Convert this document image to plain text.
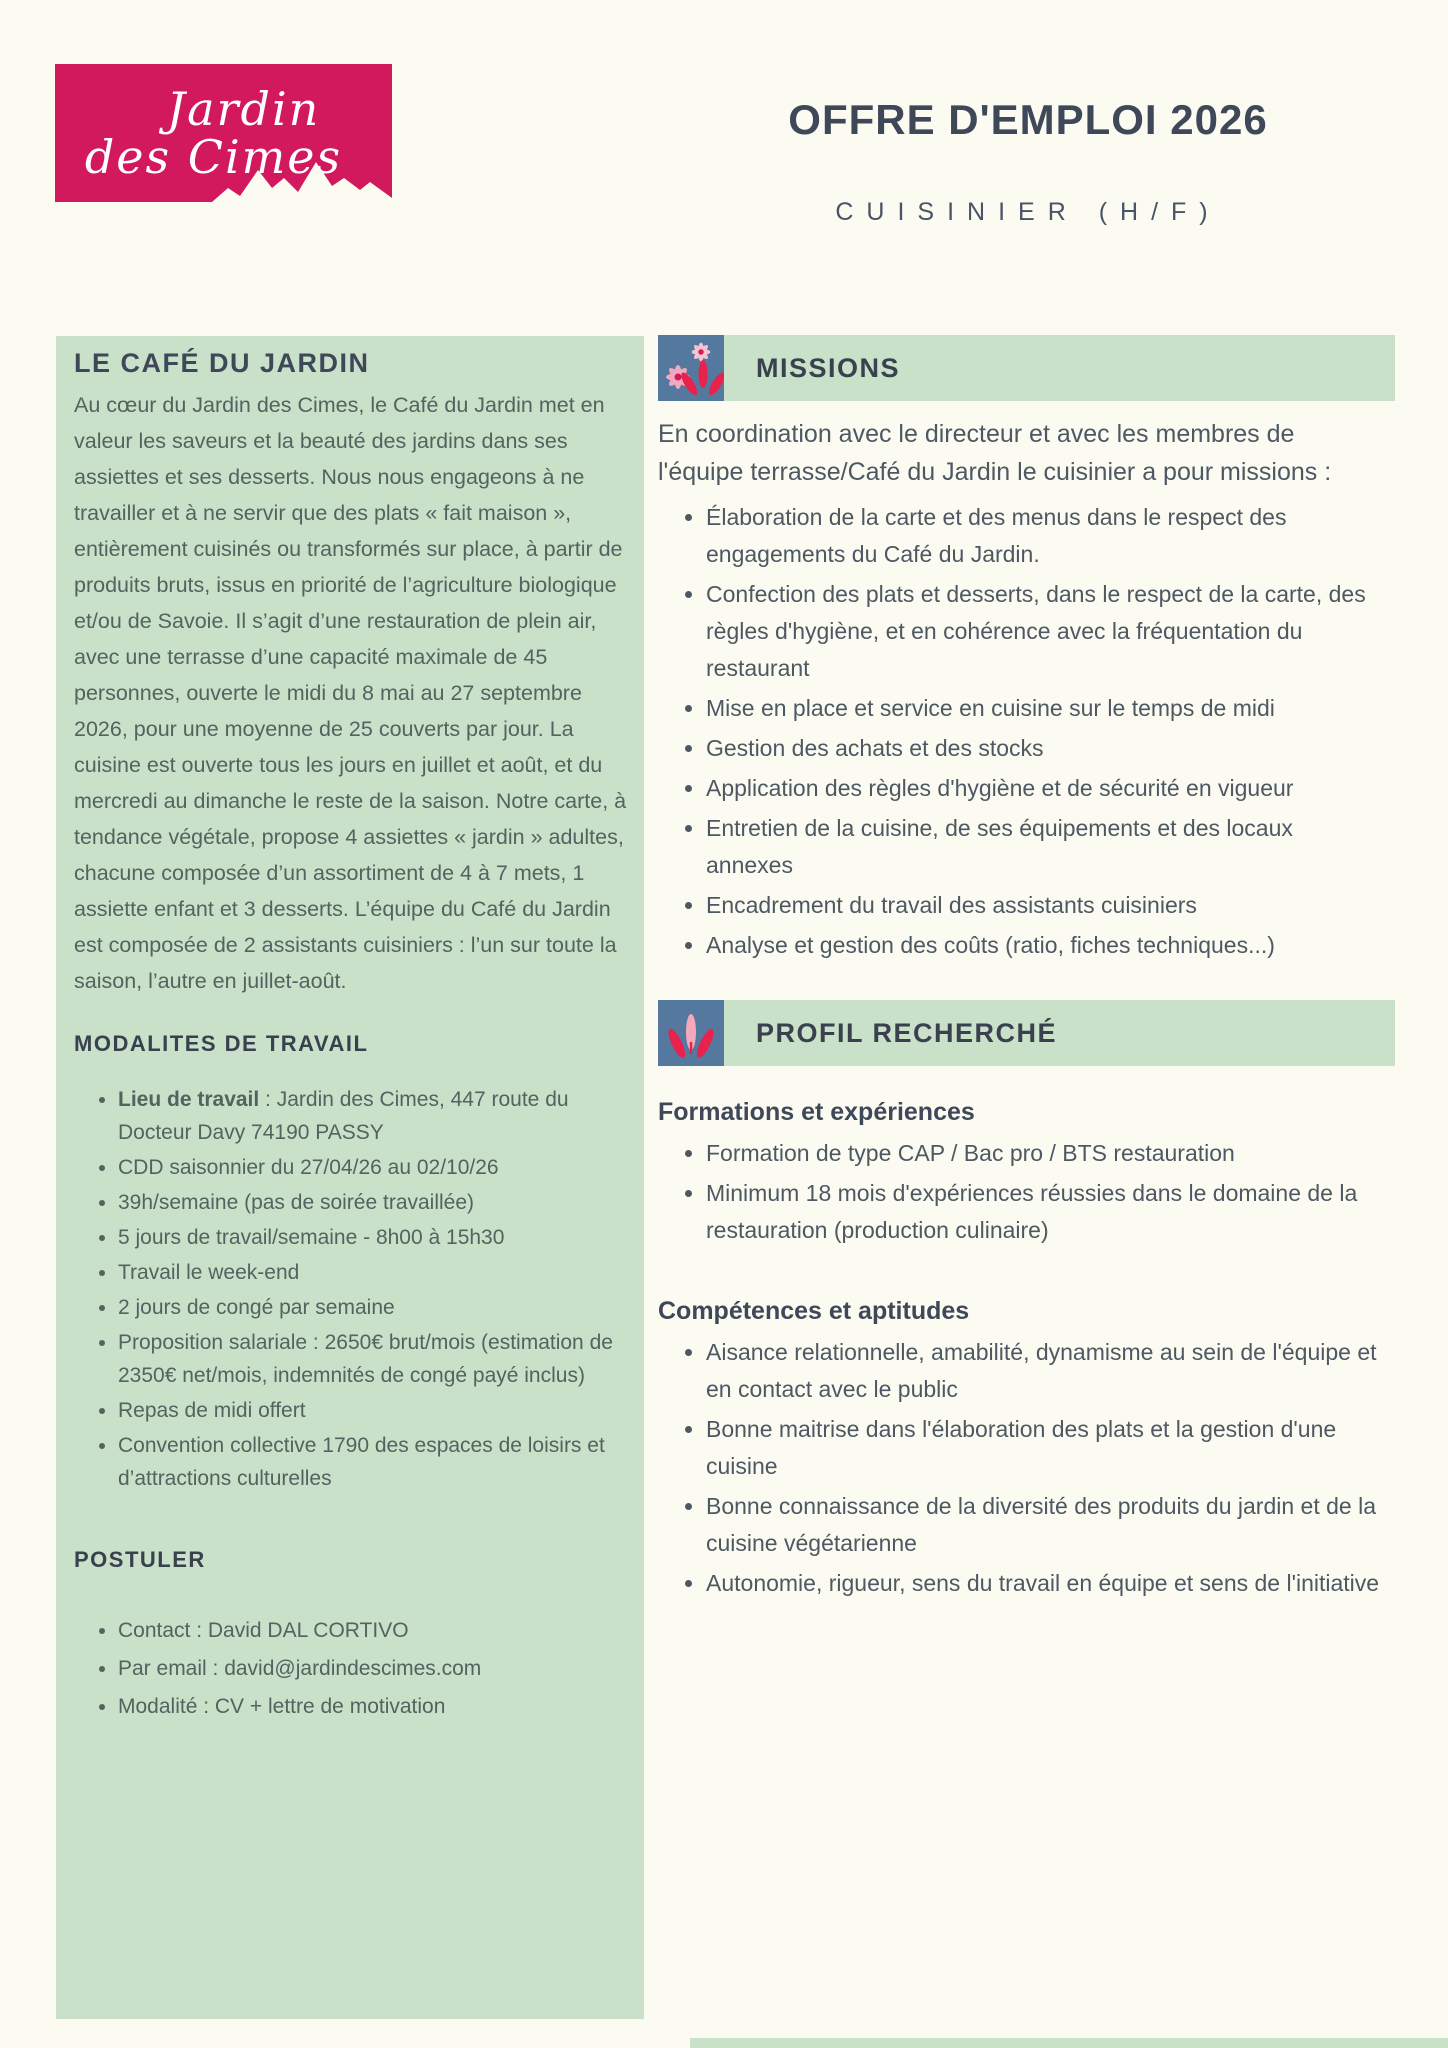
Jardin
des Cimes
OFFRE D'EMPLOI 2026
CUISINIER (H/F)
LE CAFÉ DU JARDIN

Au cœur du Jardin des Cimes, le Café du Jardin met en valeur les saveurs et la beauté des jardins dans ses assiettes et ses desserts. Nous nous engageons à ne travailler et à ne servir que des plats « fait maison », entièrement cuisinés ou transformés sur place, à partir de produits bruts, issus en priorité de l’agriculture biologique et/ou de Savoie. Il s’agit d’une restauration de plein air, avec une terrasse d’une capacité maximale de 45 personnes, ouverte le midi du 8 mai au 27 septembre 2026, pour une moyenne de 25 couverts par jour. La cuisine est ouverte tous les jours en juillet et août, et du mercredi au dimanche le reste de la saison. Notre carte, à tendance végétale, propose 4 assiettes « jardin » adultes, chacune composée d’un assortiment de 4 à 7 mets, 1 assiette enfant et 3 desserts. L’équipe du Café du Jardin est composée de 2 assistants cuisiniers : l’un sur toute la saison, l’autre en juillet-août.

MODALITES DE TRAVAIL
• Lieu de travail : Jardin des Cimes, 447 route du Docteur Davy 74190 PASSY
• CDD saisonnier du 27/04/26 au 02/10/26
• 39h/semaine (pas de soirée travaillée)
• 5 jours de travail/semaine - 8h00 à 15h30
• Travail le week-end
• 2 jours de congé par semaine
• Proposition salariale : 2650€ brut/mois (estimation de 2350€ net/mois, indemnités de congé payé inclus)
• Repas de midi offert
• Convention collective 1790 des espaces de loisirs et d’attractions culturelles
POSTULER
• Contact : David DAL CORTIVO
• Par email : david@jardindescimes.com
• Modalité : CV + lettre de motivation
MISSIONS

En coordination avec le directeur et avec les membres de l'équipe terrasse/Café du Jardin le cuisinier a pour missions :

• Élaboration de la carte et des menus dans le respect des engagements du Café du Jardin.
• Confection des plats et desserts, dans le respect de la carte, des règles d'hygiène, et en cohérence avec la fréquentation du restaurant
• Mise en place et service en cuisine sur le temps de midi
• Gestion des achats et des stocks
• Application des règles d'hygiène et de sécurité en vigueur
• Entretien de la cuisine, de ses équipements et des locaux annexes
• Encadrement du travail des assistants cuisiniers
• Analyse et gestion des coûts (ratio, fiches techniques...)
PROFIL RECHERCHÉ
Formations et expériences
• Formation de type CAP / Bac pro / BTS restauration
• Minimum 18 mois d'expériences réussies dans le domaine de la restauration (production culinaire)
Compétences et aptitudes
• Aisance relationnelle, amabilité, dynamisme au sein de l'équipe et en contact avec le public
• Bonne maitrise dans l'élaboration des plats et la gestion d'une cuisine
• Bonne connaissance de la diversité des produits du jardin et de la cuisine végétarienne
• Autonomie, rigueur, sens du travail en équipe et sens de l'initiative
